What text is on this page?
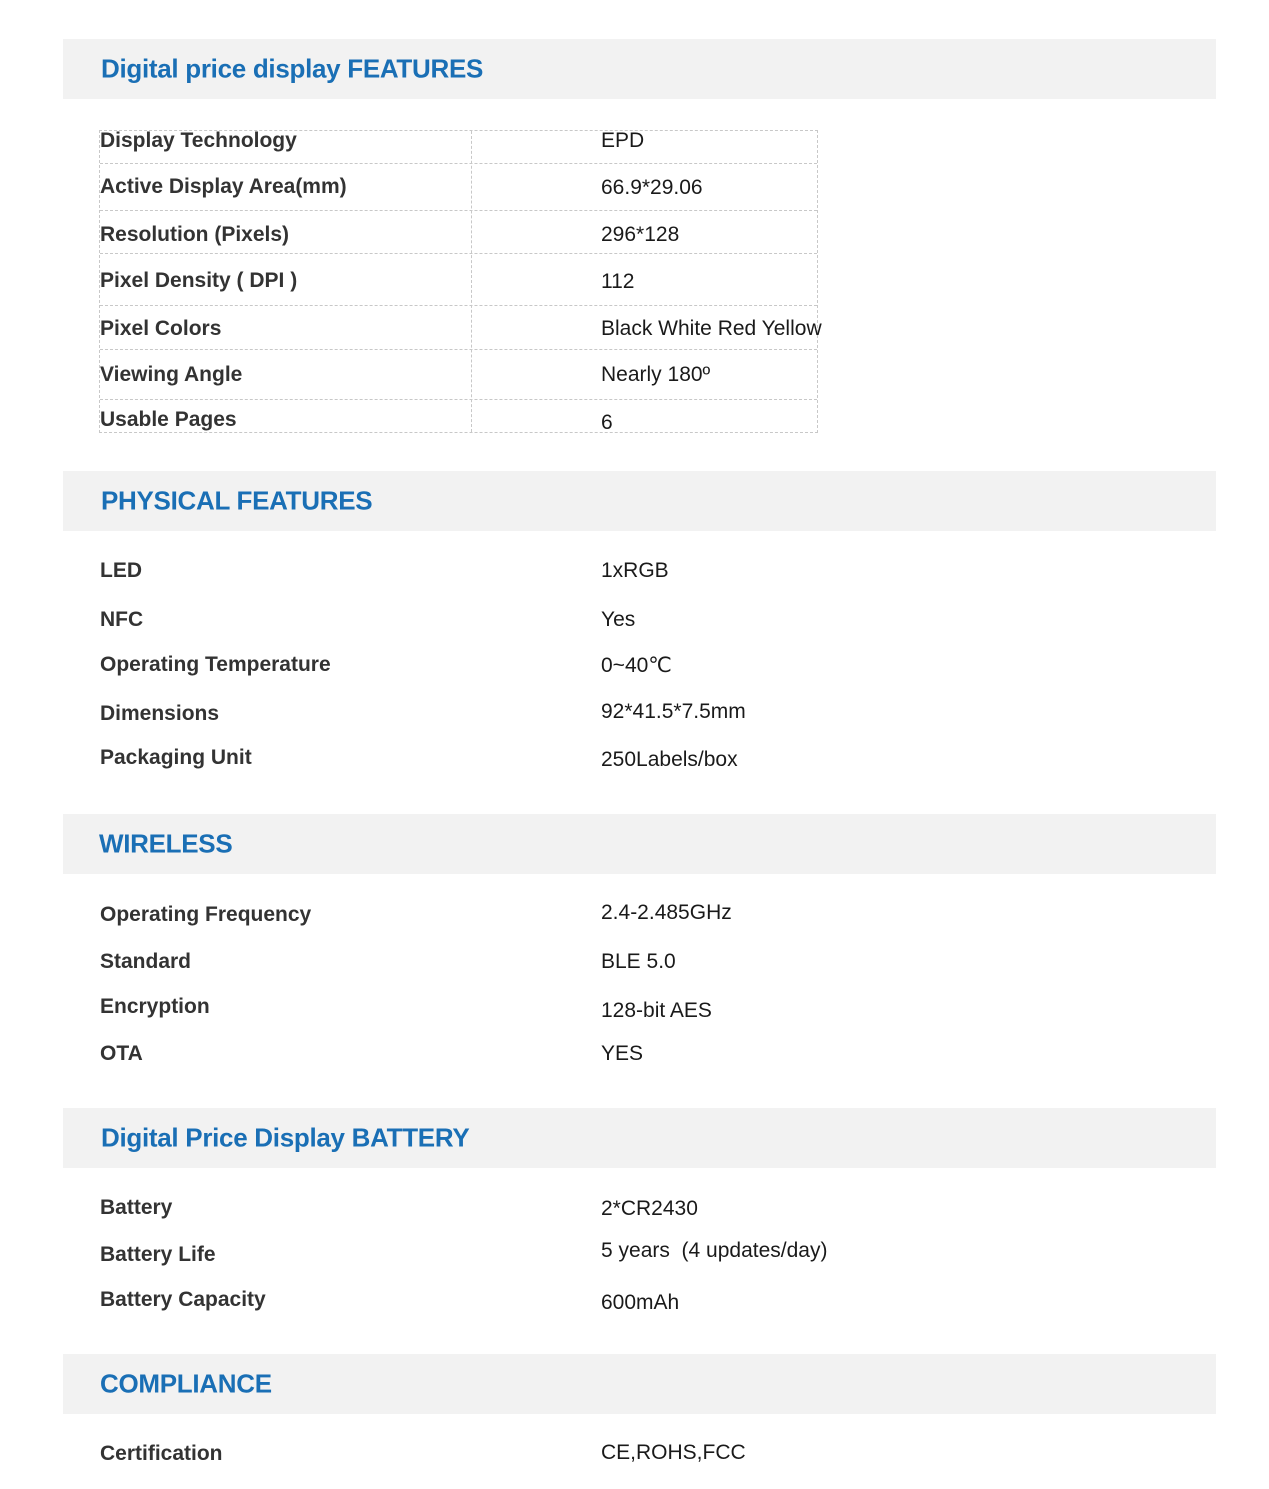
Digital price display FEATURES
Display Technology	EPD
Active Display Area(mm)	66.9*29.06
Resolution (Pixels)	296*128
Pixel Density ( DPI )	112
Pixel Colors	Black White Red Yellow
Viewing Angle	Nearly 180º
Usable Pages	6
PHYSICAL FEATURES
LED	1xRGB
NFC	Yes
Operating Temperature	0~40℃
Dimensions	92*41.5*7.5mm
Packaging Unit	250Labels/box
WIRELESS
Operating Frequency	2.4-2.485GHz
Standard	BLE 5.0
Encryption	128-bit AES
OTA	YES
Digital Price Display BATTERY
Battery	2*CR2430
Battery Life	5 years  (4 updates/day)
Battery Capacity	600mAh
COMPLIANCE
Certification	CE,ROHS,FCC
